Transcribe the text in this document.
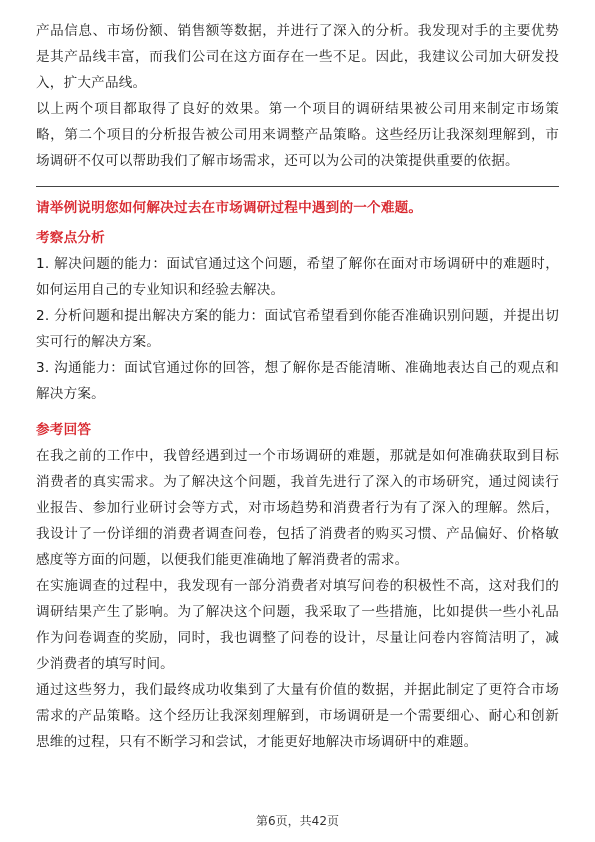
产品信息、市场份额、销售额等数据，并进行了深入的分析。我发现对手的主要优势是其产品线丰富，而我们公司在这方面存在一些不足。因此，我建议公司加大研发投入，扩大产品线。

以上两个项目都取得了良好的效果。第一个项目的调研结果被公司用来制定市场策略，第二个项目的分析报告被公司用来调整产品策略。这些经历让我深刻理解到，市场调研不仅可以帮助我们了解市场需求，还可以为公司的决策提供重要的依据。

请举例说明您如何解决过去在市场调研过程中遇到的一个难题。

考察点分析

1. 解决问题的能力：面试官通过这个问题，希望了解你在面对市场调研中的难题时，如何运用自己的专业知识和经验去解决。

2. 分析问题和提出解决方案的能力：面试官希望看到你能否准确识别问题，并提出切实可行的解决方案。

3. 沟通能力：面试官通过你的回答，想了解你是否能清晰、准确地表达自己的观点和解决方案。

参考回答

在我之前的工作中，我曾经遇到过一个市场调研的难题，那就是如何准确获取到目标消费者的真实需求。为了解决这个问题，我首先进行了深入的市场研究，通过阅读行业报告、参加行业研讨会等方式，对市场趋势和消费者行为有了深入的理解。然后，我设计了一份详细的消费者调查问卷，包括了消费者的购买习惯、产品偏好、价格敏感度等方面的问题，以便我们能更准确地了解消费者的需求。

在实施调查的过程中，我发现有一部分消费者对填写问卷的积极性不高，这对我们的调研结果产生了影响。为了解决这个问题，我采取了一些措施，比如提供一些小礼品作为问卷调查的奖励，同时，我也调整了问卷的设计，尽量让问卷内容简洁明了，减少消费者的填写时间。

通过这些努力，我们最终成功收集到了大量有价值的数据，并据此制定了更符合市场需求的产品策略。这个经历让我深刻理解到，市场调研是一个需要细心、耐心和创新思维的过程，只有不断学习和尝试，才能更好地解决市场调研中的难题。

第6页，共42页
